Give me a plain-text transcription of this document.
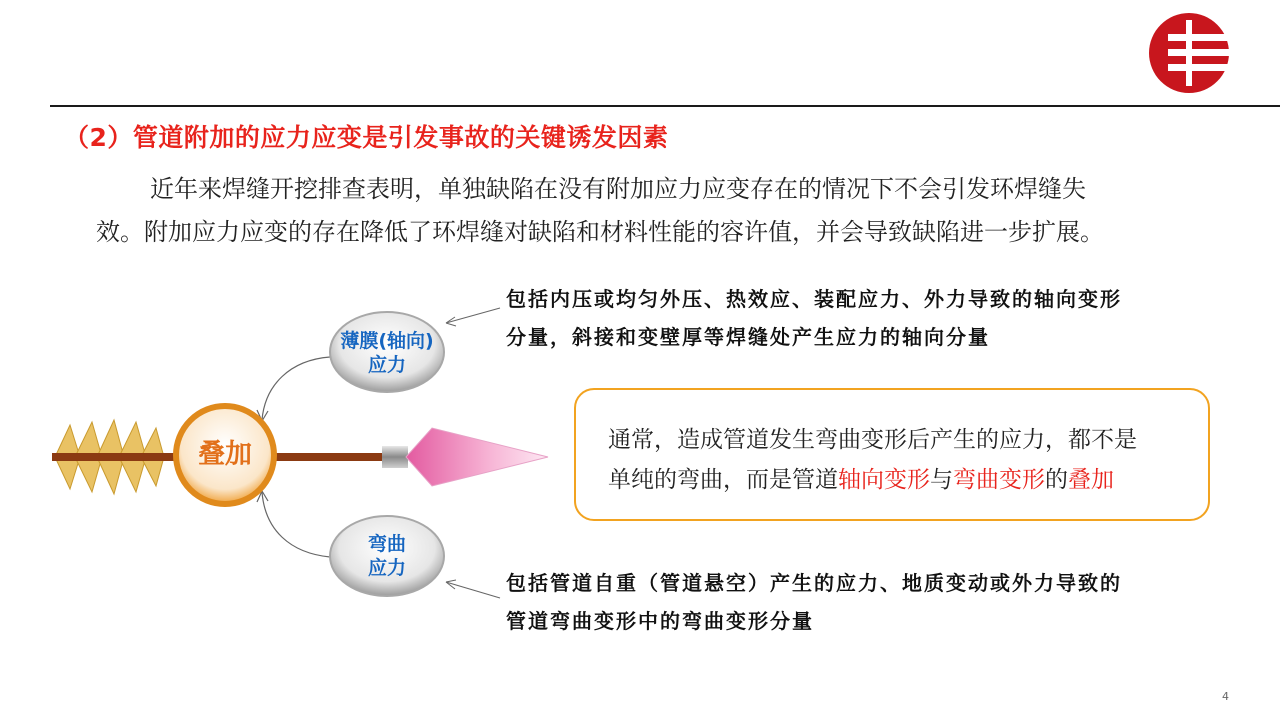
（2）管道附加的应力应变是引发事故的关键诱发因素
近年来焊缝开挖排查表明，单独缺陷在没有附加应力应变存在的情况下不会引发环焊缝失
效。附加应力应变的存在降低了环焊缝对缺陷和材料性能的容许值，并会导致缺陷进一步扩展。
薄膜(轴向)
应力
弯曲
应力
叠加
包括内压或均匀外压、热效应、装配应力、外力导致的轴向变形
分量，斜接和变壁厚等焊缝处产生应力的轴向分量
包括管道自重（管道悬空）产生的应力、地质变动或外力导致的
管道弯曲变形中的弯曲变形分量
通常，造成管道发生弯曲变形后产生的应力，都不是
单纯的弯曲，而是管道轴向变形与弯曲变形的叠加
4
